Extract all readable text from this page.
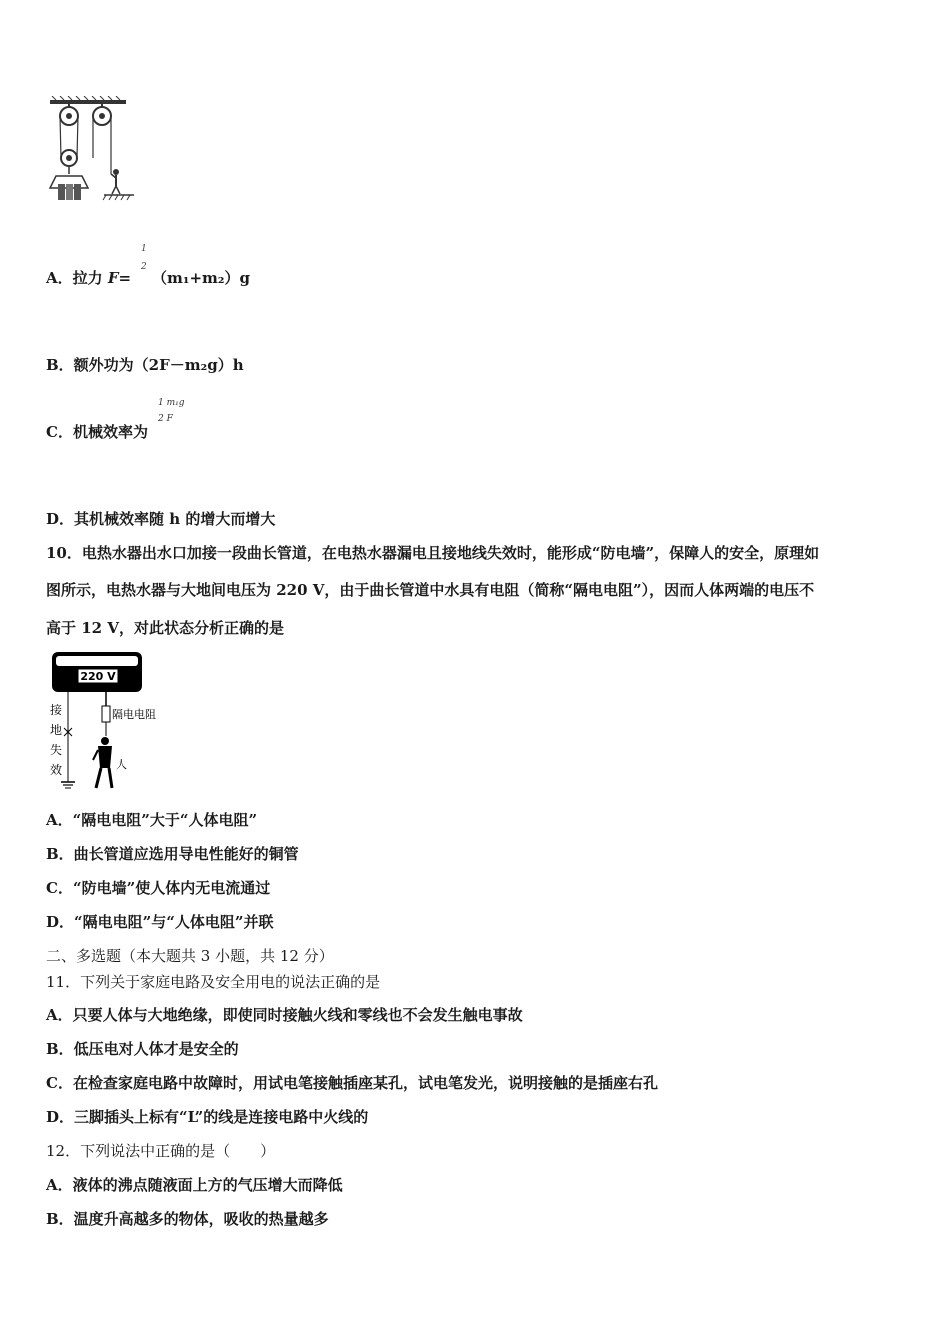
A．拉力 F=
1
2
（m₁+m₂）g
B．额外功为（2F－m₂g）h
C．机械效率为
1 m₁g
2 F
D．其机械效率随 h 的增大而增大
10．电热水器出水口加接一段曲长管道，在电热水器漏电且接地线失效时，能形成“防电墙”，保障人的安全，原理如
图所示，电热水器与大地间电压为 220 V，由于曲长管道中水具有电阻（简称“隔电电阻”），因而人体两端的电压不
高于 12 V，对此状态分析正确的是
220 V
隔电电阻
人
接
地
失
效
A．“隔电电阻”大于“人体电阻”
B．曲长管道应选用导电性能好的铜管
C．“防电墙”使人体内无电流通过
D．“隔电电阻”与“人体电阻”并联
二、多选题（本大题共 3 小题，共 12 分）
11．下列关于家庭电路及安全用电的说法正确的是
A．只要人体与大地绝缘，即使同时接触火线和零线也不会发生触电事故
B．低压电对人体才是安全的
C．在检查家庭电路中故障时，用试电笔接触插座某孔，试电笔发光，说明接触的是插座右孔
D．三脚插头上标有“L”的线是连接电路中火线的
12．下列说法中正确的是（　　）
A．液体的沸点随液面上方的气压增大而降低
B．温度升高越多的物体，吸收的热量越多
